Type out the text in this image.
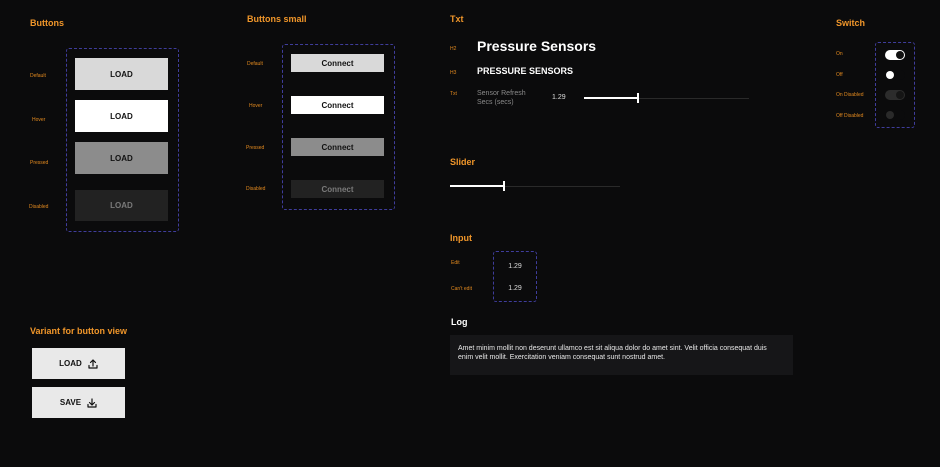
Buttons
Default
Hover
Pressed
Disabled
LOAD
LOAD
LOAD
LOAD
Buttons small
Default
Hover
Pressed
Disabled
Connect
Connect
Connect
Connect
Txt
H2 Pressure Sensors
H3 PRESSURE SENSORS
Txt	Sensor Refresh
Secs (secs)
1.29
Switch
On
Off
On Disabled
Off Disabled
Slider
Input
Edit
Can't edit
1.29
1.29
Log
Amet minim mollit non deserunt ullamco est sit aliqua dolor do amet sint. Velit officia consequat duis enim velit mollit. Exercitation veniam consequat sunt nostrud amet.
Variant for button view
LOAD
SAVE
